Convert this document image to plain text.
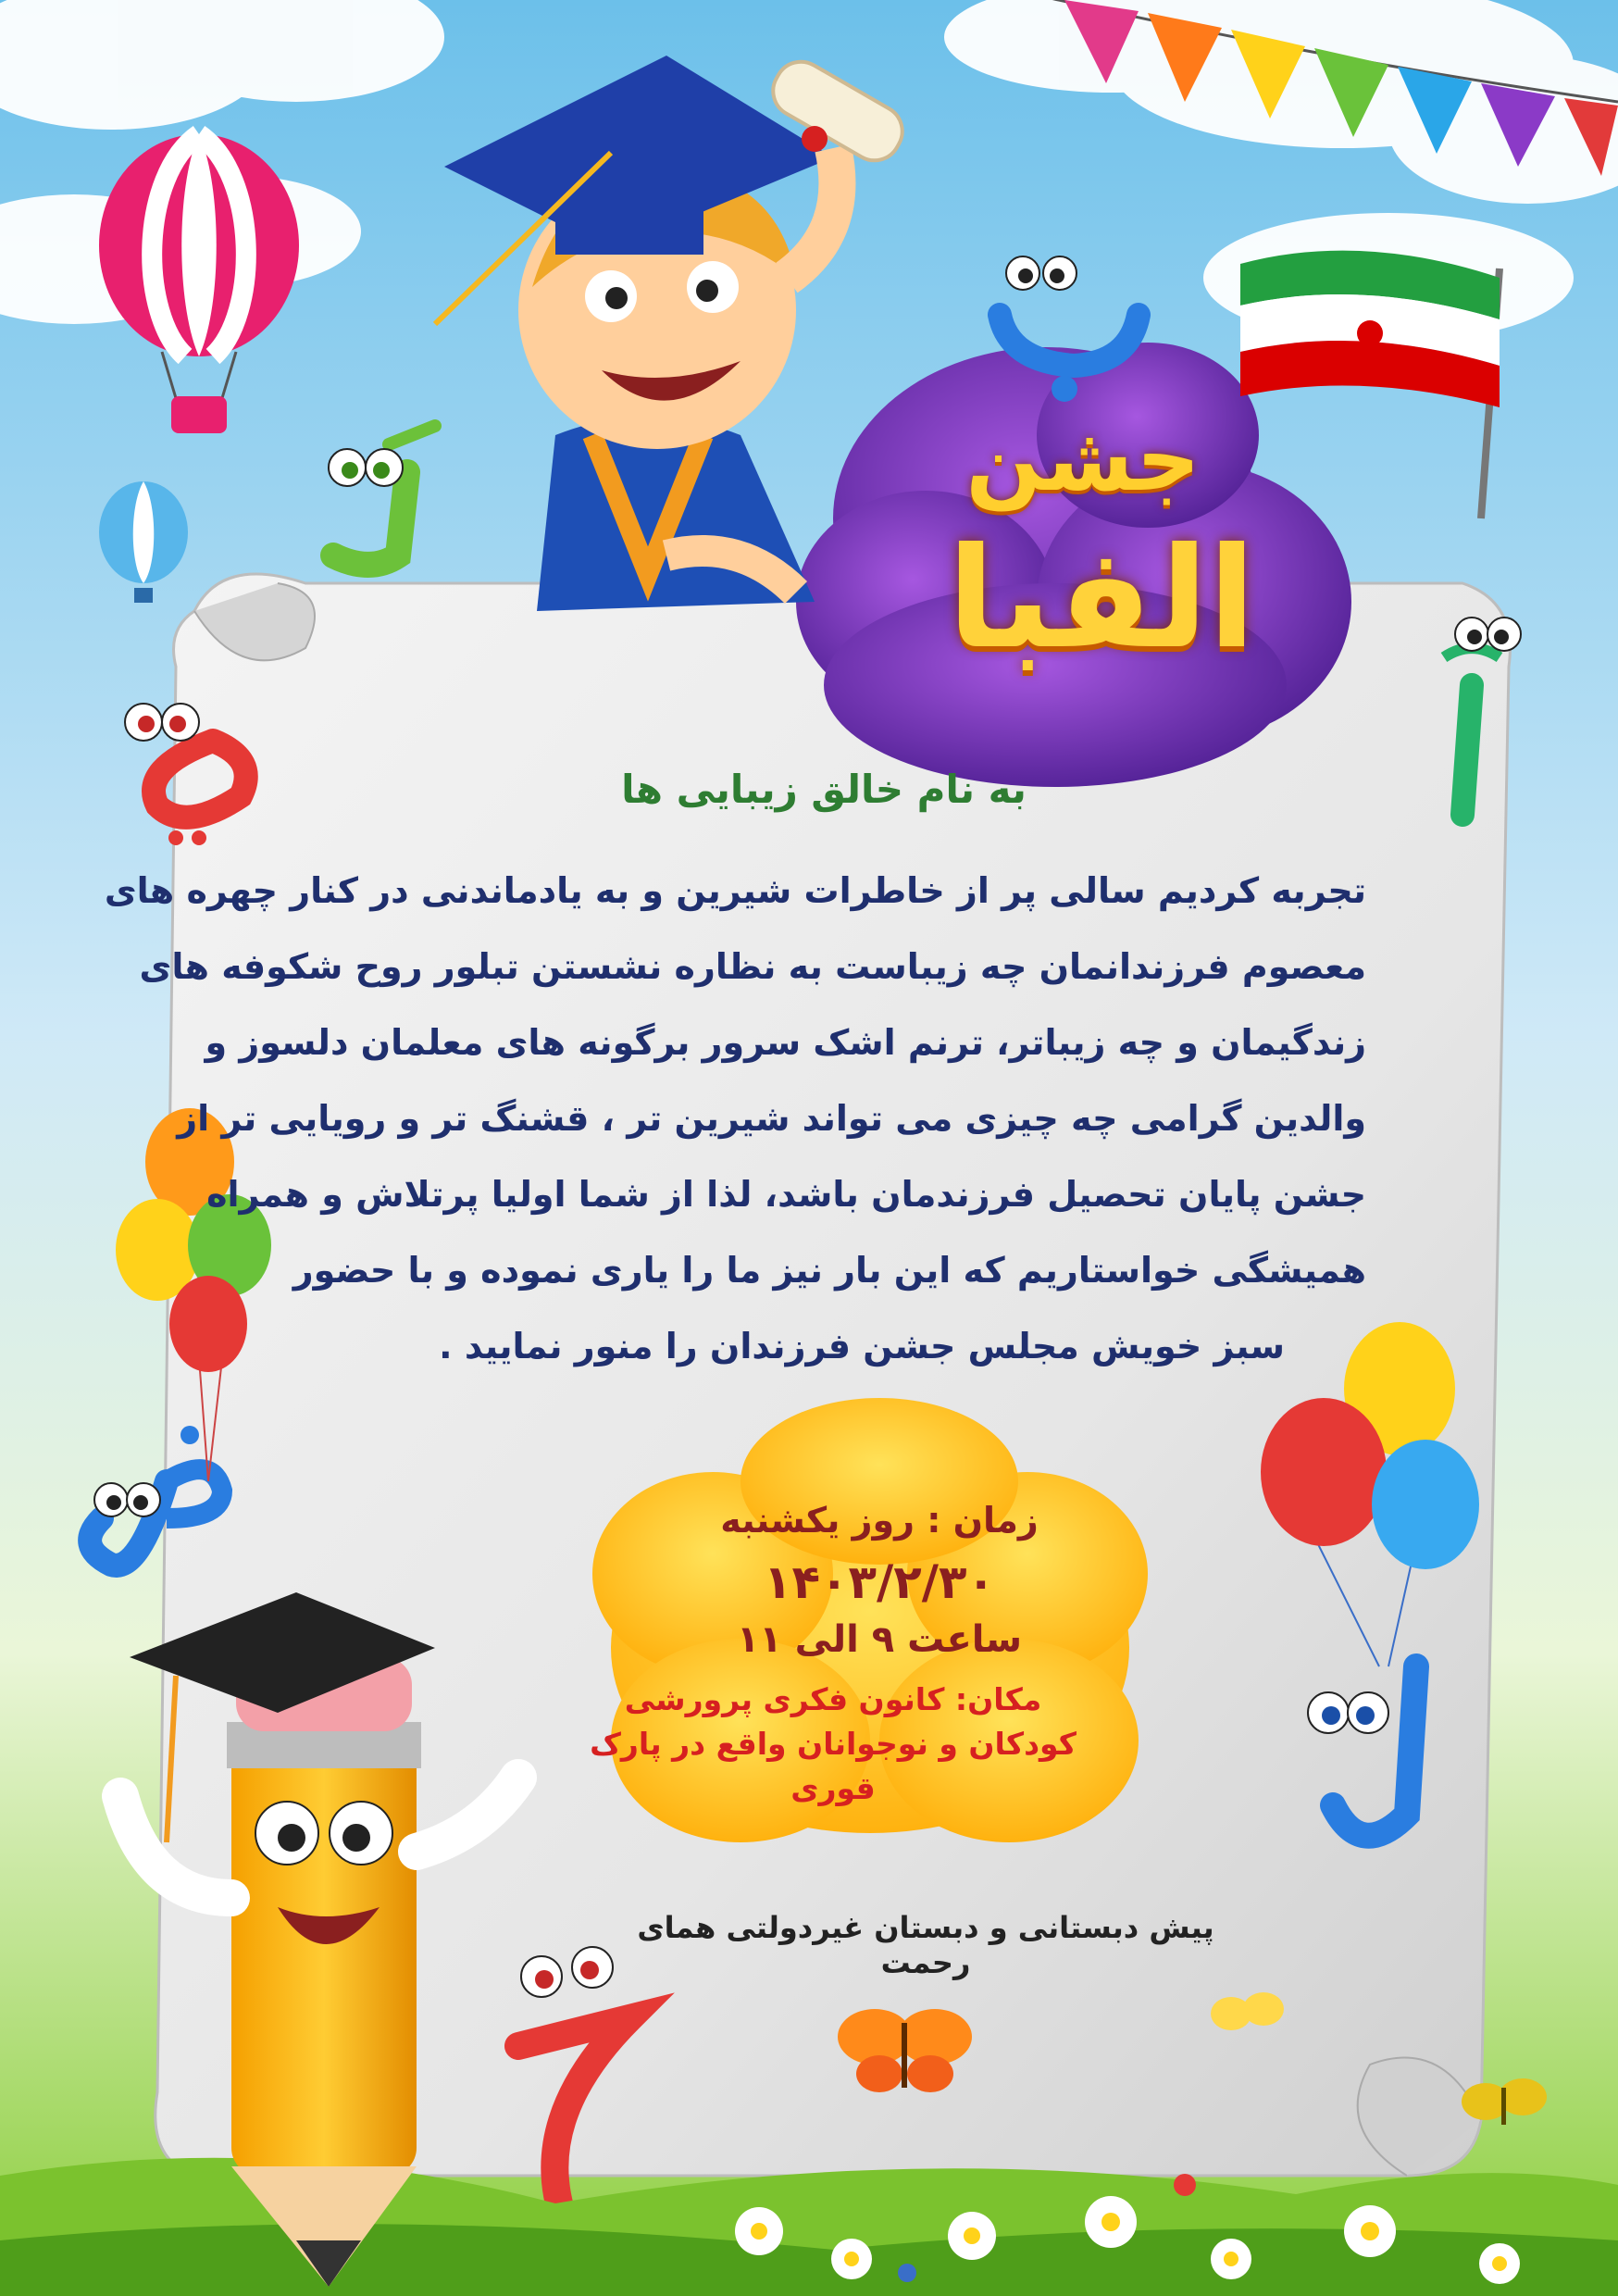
جشن
الفبا
به نام خالق زیبایی ها
تجربه کردیم سالی پر از خاطرات شیرین و به یادماندنی در کنار چهره های
معصوم فرزندانمان چه زیباست به نظاره نشستن تبلور روح شکوفه های
زندگیمان و چه زیباتر، ترنم اشک سرور برگونه های معلمان دلسوز و
والدین گرامی چه چیزی می تواند شیرین تر ، قشنگ تر و رویایی تر از
جشن پایان تحصیل فرزندمان باشد، لذا از شما اولیا پرتلاش و همراه
همیشگی خواستاریم که این بار نیز ما را یاری نموده و با حضور
سبز خویش مجلس جشن فرزندان را منور نمایید .
زمان : روز یکشنبه
۱۴۰۳/۲/۳۰
ساعت ۹ الی ۱۱
مکان: کانون فکری پرورشی
کودکان و نوجوانان واقع در پارک قوری
پیش دبستانی و دبستان غیردولتی همای رحمت
